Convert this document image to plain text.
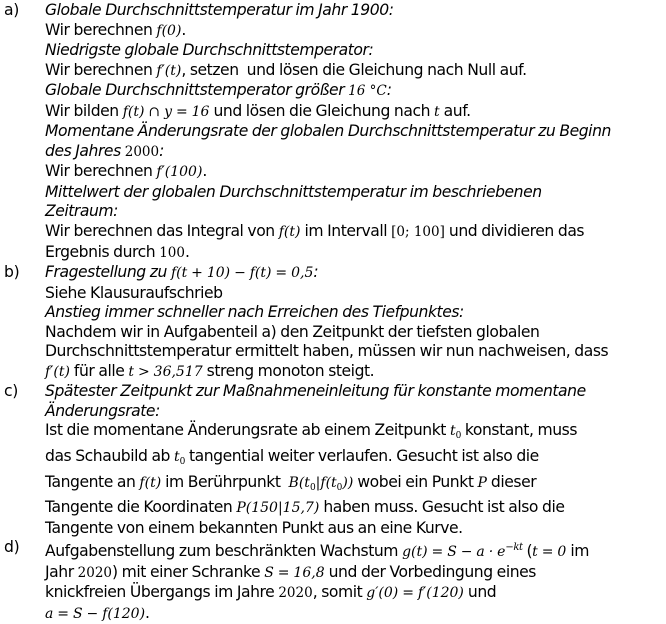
a)	Globale Durchschnittstemperatur im Jahr 1900:
Wir berechnen f(0).
Niedrigste globale Durchschnittstemperator:
Wir berechnen f′(t), setzen  und lösen die Gleichung nach Null auf.
Globale Durchschnittstemperator größer 16 °C:
Wir bilden f(t) ∩ y = 16 und lösen die Gleichung nach t auf.
Momentane Änderungsrate der globalen Durchschnittstemperatur zu Beginn
des Jahres 2000:
Wir berechnen f′(100).
Mittelwert der globalen Durchschnittstemperatur im beschriebenen
Zeitraum:
Wir berechnen das Integral von f(t) im Intervall [0; 100] und dividieren das
Ergebnis durch 100.
b)	Fragestellung zu f(t + 10) − f(t) = 0,5:
Siehe Klausuraufschrieb
Anstieg immer schneller nach Erreichen des Tiefpunktes:
Nachdem wir in Aufgabenteil a) den Zeitpunkt der tiefsten globalen
Durchschnittstemperatur ermittelt haben, müssen wir nun nachweisen, dass
f′(t) für alle t > 36,517 streng monoton steigt.
c)	Spätester Zeitpunkt zur Maßnahmeneinleitung für konstante momentane
Änderungsrate:
Ist die momentane Änderungsrate ab einem Zeitpunkt $t_0$ konstant, muss
das Schaubild ab $t_0$ tangential weiter verlaufen. Gesucht ist also die
Tangente an f(t) im Berührpunkt  $B(t_0|f(t_0))$ wobei ein Punkt P dieser
Tangente die Koordinaten P(150|15,7) haben muss. Gesucht ist also die
Tangente von einem bekannten Punkt aus an eine Kurve.
d)	Aufgabenstellung zum beschränkten Wachstum $g(t) = S - a \cdot e^{-kt}$ (t = 0 im
Jahr 2020) mit einer Schranke S = 16,8 und der Vorbedingung eines
knickfreien Übergangs im Jahre 2020, somit g′(0) = f′(120) und
a = S − f(120).
